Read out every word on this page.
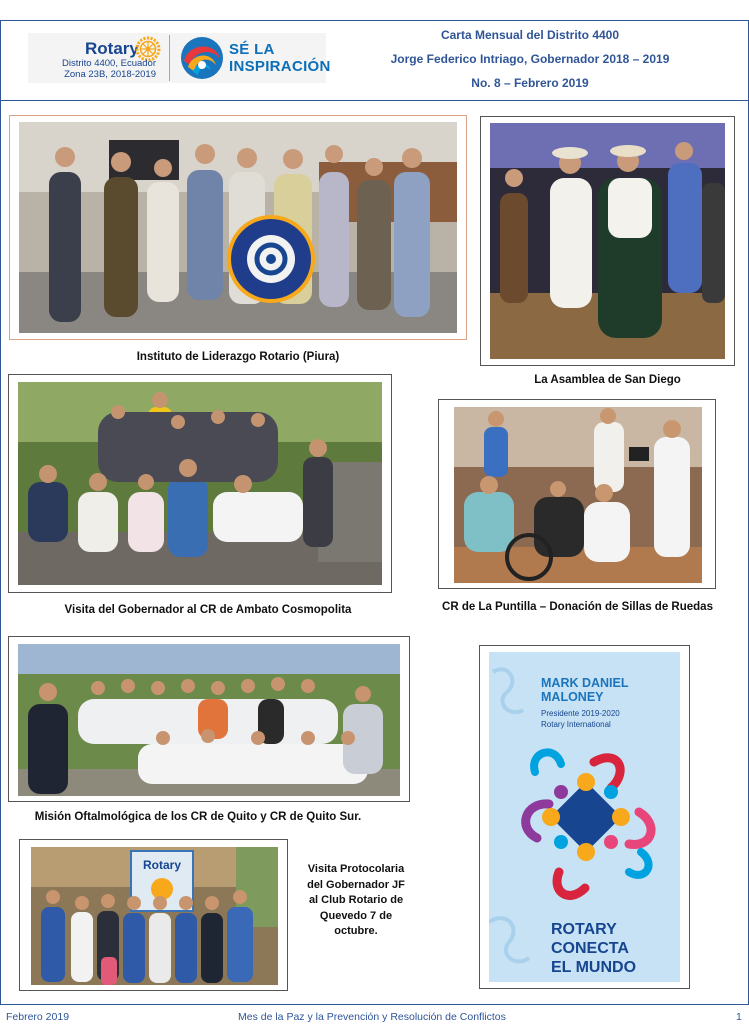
Rotary
Distrito 4400, Ecuador
Zona 23B, 2018-2019
SÉ LA
INSPIRACIÓN
Carta Mensual del Distrito 4400
Jorge Federico Intriago, Gobernador 2018 – 2019
No. 8 – Febrero 2019
Instituto de Liderazgo Rotario (Piura)
La Asamblea de San Diego
Visita del Gobernador al CR de Ambato Cosmopolita	CR de La Puntilla – Donación de Sillas de Ruedas
Misión Oftalmológica de los CR de Quito y CR de Quito Sur.
Rotary	Visita Protocolaria
del Gobernador JF
al Club Rotario de
Quevedo 7 de
octubre.
MARK DANIEL
MALONEY
Presidente 2019-2020
Rotary International
ROTARY
CONECTA
EL MUNDO
Febrero 2019	Mes de la Paz y la Prevención y Resolución de Conflictos	1
